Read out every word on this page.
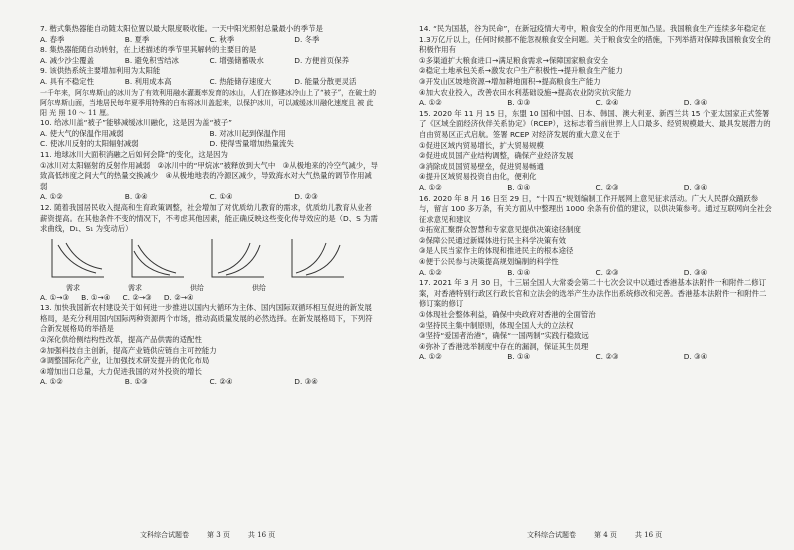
7. 楷式集热器能自动随太阳位置以最大限度吸收能。一天中阳光照射总量最小的季节是

A. 春季	B. 夏季	C. 秋季	D. 冬季

8. 集热器能随自动转射，在上述描述的季节里其解转的主要目的是

A. 减少沙尘覆盖	B. 避免积雪结冰	C. 增强储蓄吸水	D. 方便首页保养

9. 该供热系统主要增加利用为太阳能

A. 具有不稳定性	B. 利用成本高	C. 热能储存速度大	D. 能量分散更灵活

一千年来，阿尔卑斯山的冰川为了有效利用融水灌溉率发育的冰山，人们在修建冰冷山上了“被子”，在破土的阿尔卑斯山面，当地居民每年夏季用特殊的白布将冰川盖起来，以保护冰川，可以减缓冰川融化速度且 被 此 阳 光 照 10 ～ 11 厘。

10. 给冰川盖“被子”能够减缓冰川融化，这是因为盖“被子”

A. 使大气的保温作用减弱	B. 对冰川起到保温作用
C. 使冰川反射的太阳辐射减弱	D. 使得雪量增加热量流失

11. 地球冰川大面积消融之后如何会降”的变化，这是因为

①冰川对太阳辐射的反射作用减弱　②冰川中的“甲烷冰”被释放到大气中　③从极地来的冷空气减少，导致高低纬度之间大气的热量交换减少　④从极地地表的冷源区减少，导致海水对大气热量的调节作用减弱

A. ①②	B. ③④	C. ①④	D. ②③

12. 随着我国居民收入提高和生育政策调整，社会增加了对优质幼儿教育的需求，优质幼儿教育从业者薪资提高。在其他条件不变的情况下，不考虑其他因素，能正确反映这些变化传导效应的是（D、S 为需求曲线，D₁、S₁ 为变动后）

需求	需求	供给	供给

A. ①→③ 　 B. ①→④ 　 C. ②→③ 　 D. ②→④

13. 加快我国新农村建设关于如何进一步推进以国内大循环为主体、国内国际双循环相互促进的新发展格局，是充分利用国内国际两种资源两个市场，推动高质量发展的必然选择。在新发展格局下，下列符合新发展格局的举措是

①深化供给侧结构性改革，提高产品供需的适配性

②加强科技自主创新，提高产业链供应链自主可控能力

③调整国际化产业，让加强技术研发提升的优化布局

④增加出口总量，大力促进我国的对外投资的增长

A. ①②	B. ①③	C. ②④	D. ③④
文科综合试题卷	第 3 页	共 16 页

14. “民为国基，谷为民命”，在新冠疫情大考中，粮食安全的作用更加凸显。我国粮食生产连续多年稳定在1.3万亿斤以上，任何时候都不能忽视粮食安全问题。关于粮食安全的措施，下列举措对保障我国粮食安全的积极作用有

①多渠道扩大粮食进口→满足粮食需求→保障国家粮食安全

②稳定土地承包关系→激发农户生产积极性→提升粮食生产能力

③开发山区坡地资源→增加耕地面积→提高粮食生产能力

④加大农业投入，改善农田水利基础设施→提高农业防灾抗灾能力

A. ①②	B. ①③	C. ②④	D. ③④

15. 2020 年 11 月 15 日，东盟 10 国和中国、日本、韩国、澳大利亚、新西兰共 15 个亚太国家正式签署了《区域全面经济伙伴关系协定》（RCEP），这标志着当前世界上人口最多、经贸规模最大、最具发展潜力的自由贸易区正式启航。签署 RCEP 对经济发展的重大意义在于

①促进区域内贸易增长，扩大贸易规模

②促进成员国产业结构调整，确保产业经济发展

③消除成员国贸易壁垒，促进贸易畅通

④提升区域贸易投资自由化，便利化

A. ①②	B. ①④	C. ②③	D. ③④

16. 2020 年 8 月 16 日至 29 日，“十四五”规划编制工作开展网上意见征求活动。广大人民群众踊跃参与，留言 100 多万条，有关方面从中整理出 1000 余条有价值的建议，以供决策参考。通过互联网向全社会征求意见和建议

①拓宽汇聚群众智慧和专家意见提供决策途径制度

②保障公民通过新媒体进行民主科学决策有效

③是人民当家作主的体现和推进民主的根本途径

④便于公民参与决策提高规划编制的科学性

A. ①②	B. ①④	C. ②③	D. ③④

17. 2021 年 3 月 30 日，十三届全国人大常委会第二十七次会议中以通过香港基本法附件一和附件二修订案，对香港特别行政区行政长官和立法会的选举产生办法作出系统修改和完善。香港基本法附件一和附件二修订案的修订

①体现社会整体利益，确保中央政府对香港的全面管治

②坚持民主集中制原则，体现全国人大的立法权

③坚持“爱国者治港”，确保“一国两制”实践行稳致远

④弥补了香港选举制度中存在的漏洞，保证其生员理

A. ①②	B. ①④	C. ②③	D. ③④
文科综合试题卷	第 4 页	共 16 页
